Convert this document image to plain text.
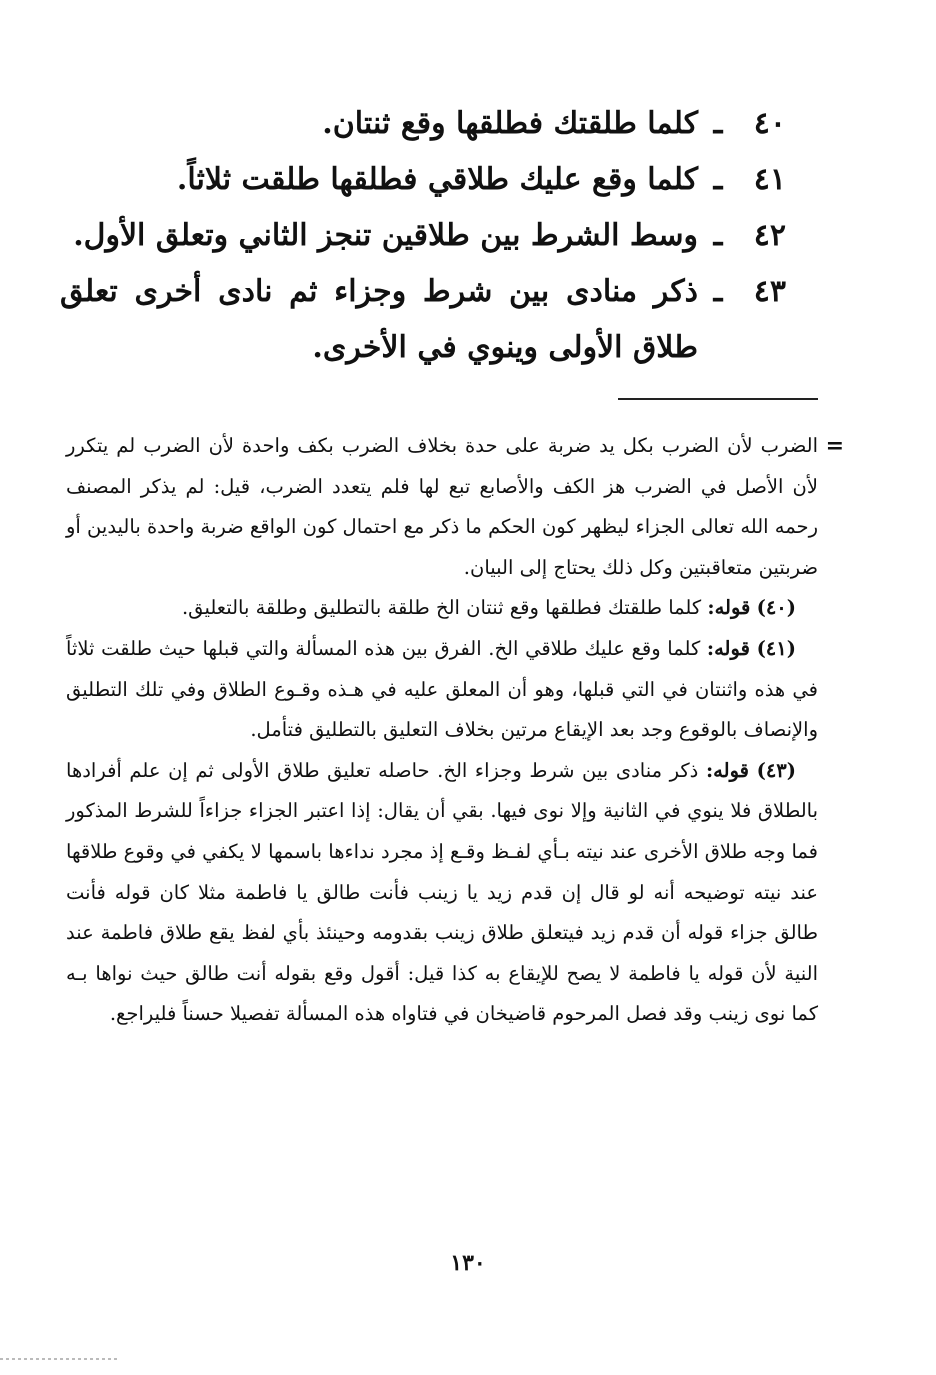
٤٠
ـ
كلما طلقتك فطلقها وقع ثنتان.
٤١
ـ
كلما وقع عليك طلاقي فطلقها طلقت ثلاثاً.
٤٢
ـ
وسط الشرط بين طلاقين تنجز الثاني وتعلق الأول.
٤٣
ـ
ذكر منادى بين شرط وجزاء ثم نادى أخرى تعلق طلاق الأولى وينوي في الأخرى.
=

الضرب لأن الضرب بكل يد ضربة على حدة بخلاف الضرب بكف واحدة لأن الضرب لم يتكرر لأن الأصل في الضرب هز الكف والأصابع تبع لها فلم يتعدد الضرب، قيل: لم يذكر المصنف رحمه الله تعالى الجزاء ليظهر كون الحكم ما ذكر مع احتمال كون الواقع ضربة واحدة باليدين أو ضربتين متعاقبتين وكل ذلك يحتاج إلى البيان.

(٤٠) قوله: كلما طلقتك فطلقها وقع ثنتان الخ طلقة بالتطليق وطلقة بالتعليق.

(٤١) قوله: كلما وقع عليك طلاقي الخ. الفرق بين هذه المسألة والتي قبلها حيث طلقت ثلاثاً في هذه واثنتان في التي قبلها، وهو أن المعلق عليه في هـذه وقـوع الطلاق وفي تلك التطليق والإنصاف بالوقوع وجد بعد الإيقاع مرتين بخلاف التعليق بالتطليق فتأمل.

(٤٣) قوله: ذكر منادى بين شرط وجزاء الخ. حاصله تعليق طلاق الأولى ثم إن علم أفرادها بالطلاق فلا ينوي في الثانية وإلا نوى فيها. بقي أن يقال: إذا اعتبر الجزاء جزاءاً للشرط المذكور فما وجه طلاق الأخرى عند نيته بـأي لفـظ وقـع إذ مجرد نداءها باسمها لا يكفي في وقوع طلاقها عند نيته توضيحه أنه لو قال إن قدم زيد يا زينب فأنت طالق يا فاطمة مثلا كان قوله فأنت طالق جزاء قوله أن قدم زيد فيتعلق طلاق زينب بقدومه وحينئذ بأي لفظ يقع طلاق فاطمة عند النية لأن قوله يا فاطمة لا يصح للإيقاع به كذا قيل: أقول وقع بقوله أنت طالق حيث نواها بـه كما نوى زينب وقد فصل المرحوم قاضيخان في فتاواه هذه المسألة تفصيلا حسناً فليراجع.

١٣٠
